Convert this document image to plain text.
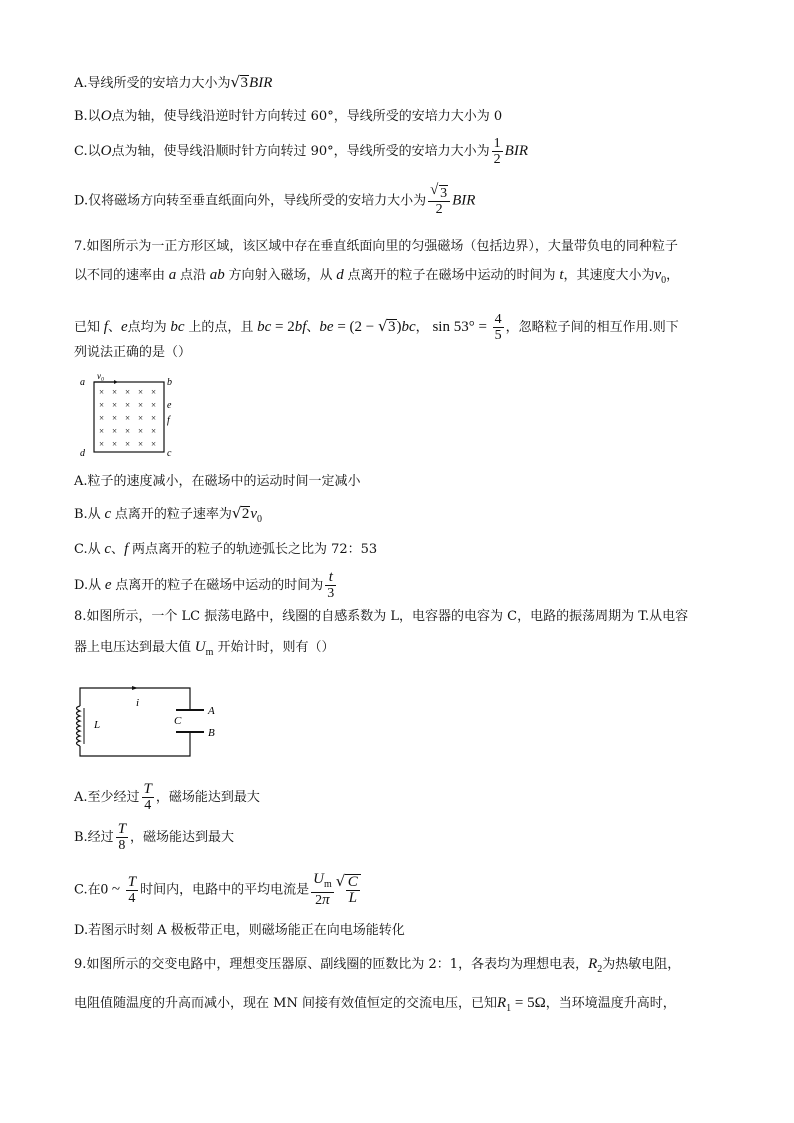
A.导线所受的安培力大小为 √ 3BIR
B.以O点为轴，使导线沿逆时针方向转过 60°，导线所受的安培力大小为 0
C.以O点为轴，使导线沿顺时针方向转过 90°，导线所受的安培力大小为 $\frac{1}{2}$ BIR
D.仅将磁场方向转至垂直纸面向外，导线所受的安培力大小为 $\frac{√ 3}{2}$ BIR
7.如图所示为一正方形区域，该区域中存在垂直纸面向里的匀强磁场（包括边界），大量带负电的同种粒子
以不同的速率由 a 点沿 ab 方向射入磁场，从 d 点离开的粒子在磁场中运动的时间为 t，其速度大小为$v_0$，
已知 f、e点均为 bc 上的点，且 bc = 2bf、be = (2 − √ 3)bc， $\sin 53^\circ = \frac{4}{5}$ ，忽略粒子间的相互作用.则下
列说法正确的是（）
v₀
a	b
c
d
e
f
× × × × ×
× × × × ×
× × × × ×
× × × × ×
× × × × ×
A.粒子的速度减小，在磁场中的运动时间一定减小
B.从 c 点离开的粒子速率为 √ $2v_0$
C.从 c、f 两点离开的粒子的轨迹弧长之比为 72：53
D.从 e 点离开的粒子在磁场中运动的时间为 $\frac{t}{3}$
8.如图所示，一个 LC 振荡电路中，线圈的自感系数为 L，电容器的电容为 C，电路的振荡周期为 T.从电容
器上电压达到最大值 $U_m$ 开始计时，则有（）
i
L	C
A
B
A.至少经过 $\frac{T}{4}$ ，磁场能达到最大
B.经过 $\frac{T}{8}$ ，磁场能达到最大
C.在0 ~ $\frac{T}{4}$ 时间内，电路中的平均电流是 $\frac{U_m}{2\pi}$ √ $\frac{C}{L}$
D.若图示时刻 A 极板带正电，则磁场能正在向电场能转化
9.如图所示的交变电路中，理想变压器原、副线圈的匝数比为 2：1，各表均为理想电表，$R_2$为热敏电阻，
电阻值随温度的升高而减小，现在 MN 间接有效值恒定的交流电压，已知$R_1 = 5\Omega$，当环境温度升高时，
